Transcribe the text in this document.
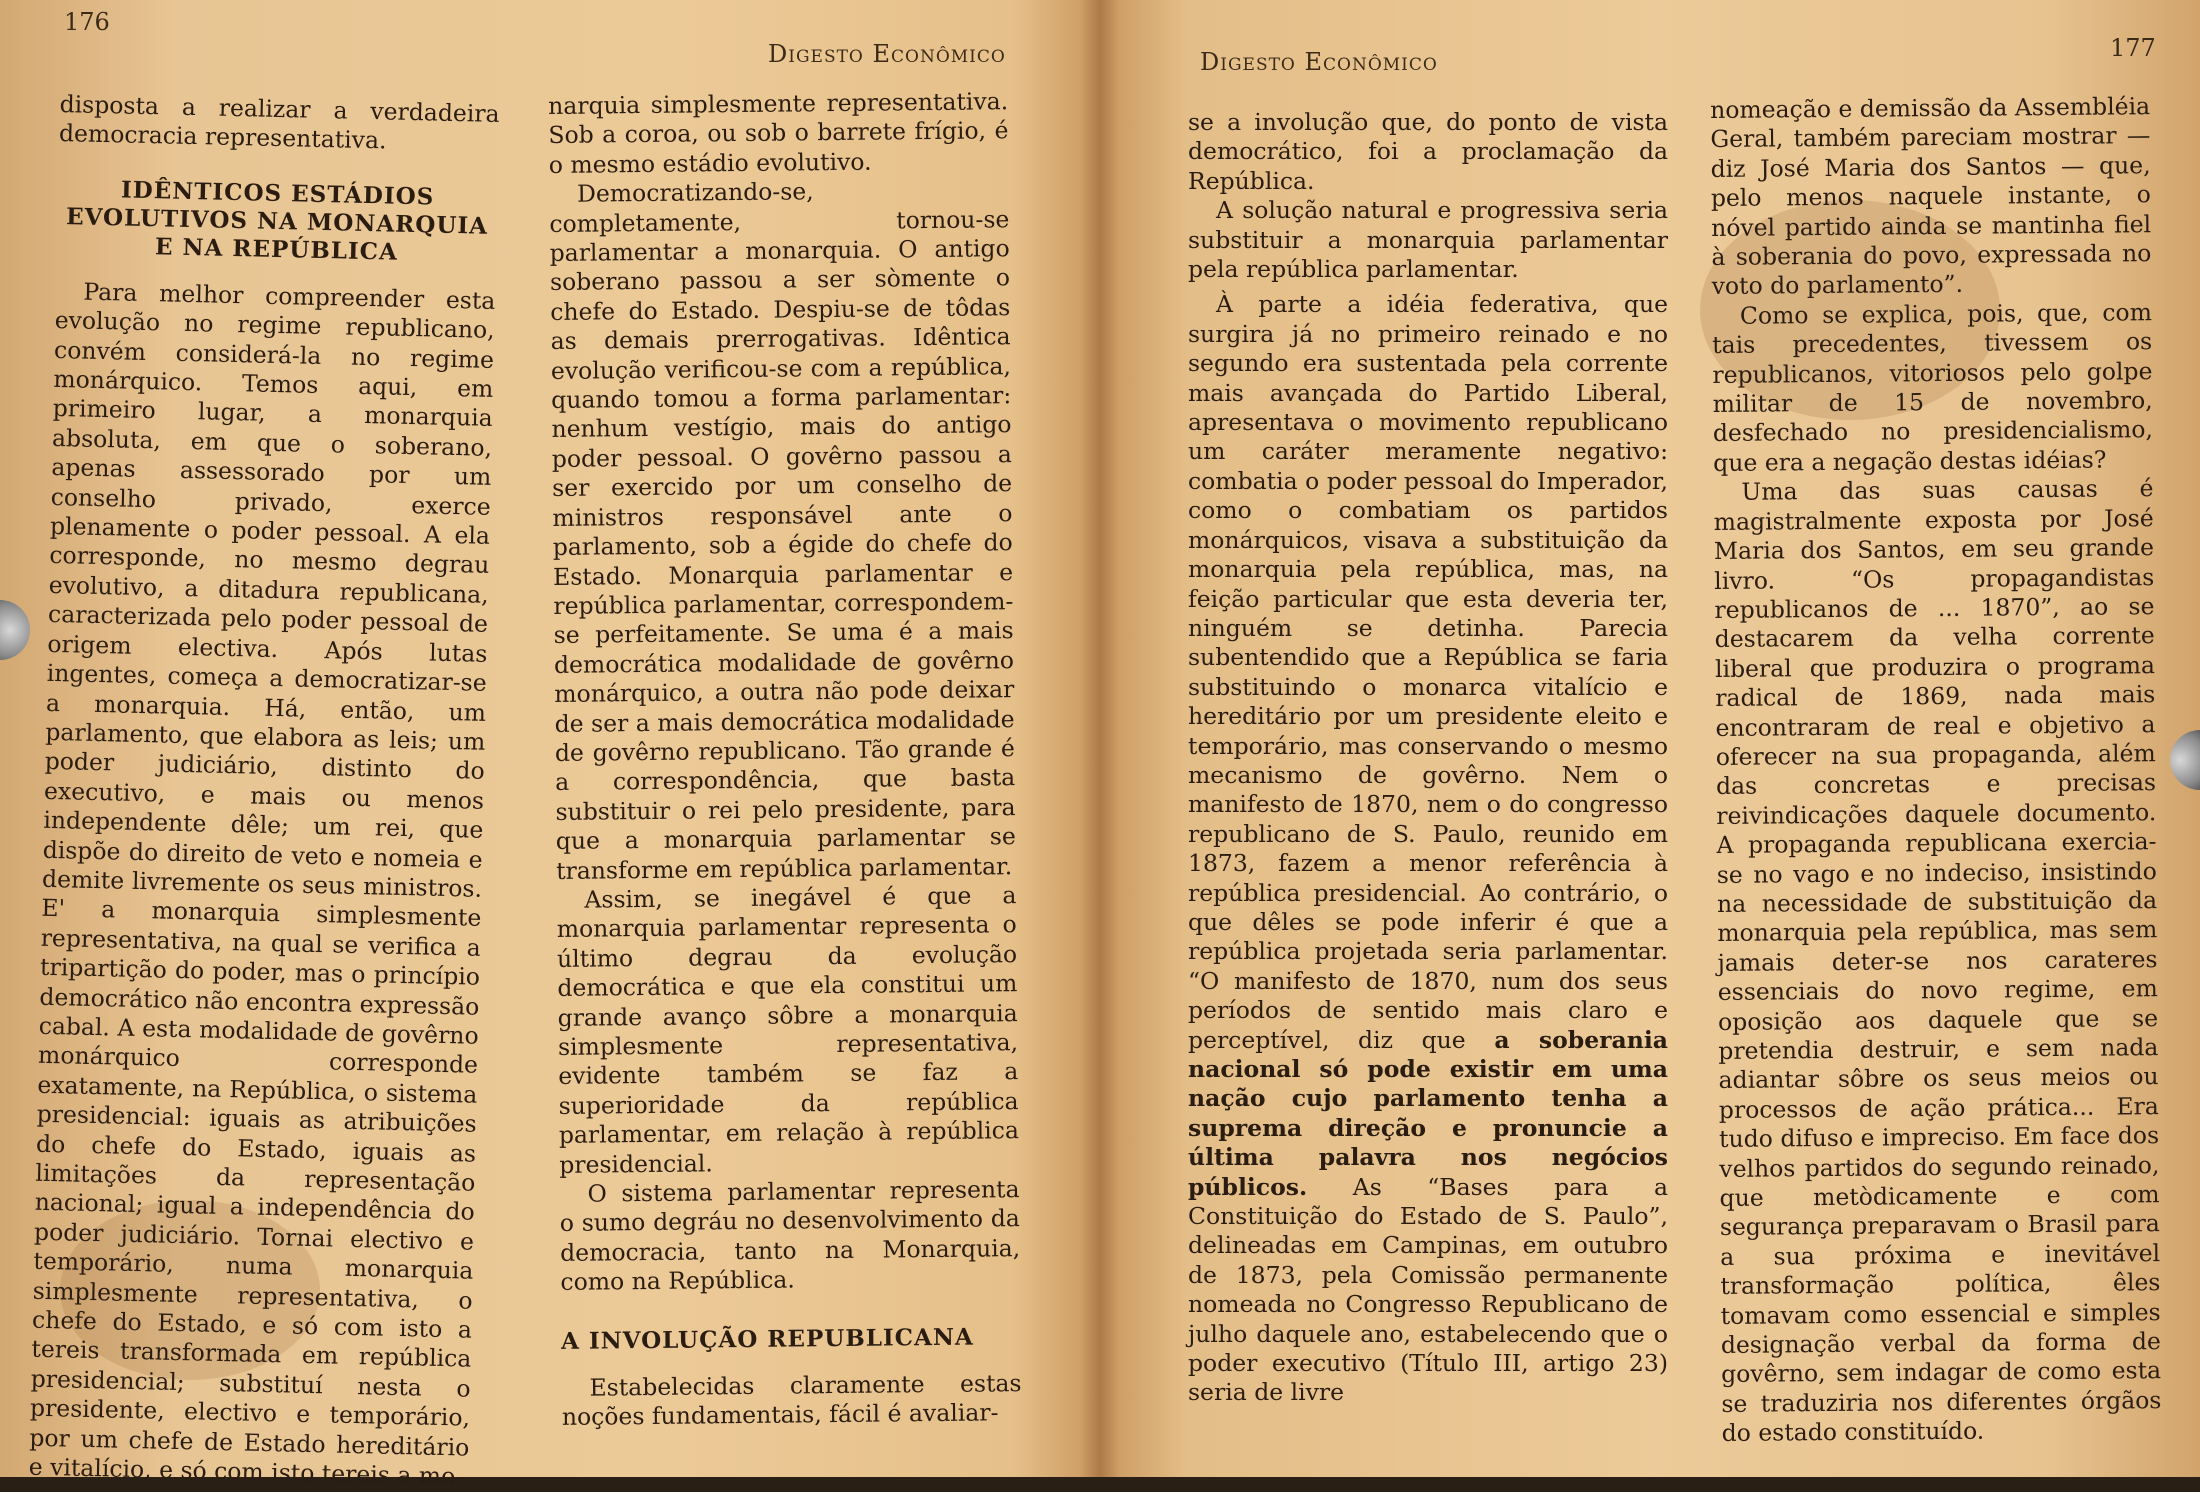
176
Digesto Econômico

disposta a realizar a verdadeira democracia representativa.

IDÊNTICOS ESTÁDIOS EVOLUTIVOS NA MONARQUIA E NA REPÚBLICA

Para melhor compreender esta evolução no regime republicano, convém considerá-la no regime monárquico. Temos aqui, em primeiro lugar, a monarquia absoluta, em que o soberano, apenas assessorado por um conselho privado, exerce plenamente o poder pessoal. A ela corresponde, no mesmo degrau evolutivo, a ditadura republicana, caracterizada pelo poder pessoal de origem electiva. Após lutas ingentes, começa a democratizar-se a monarquia. Há, então, um parlamento, que elabora as leis; um poder judiciário, distinto do executivo, e mais ou menos independente dêle; um rei, que dispõe do direito de veto e nomeia e demite livremente os seus ministros. E' a monarquia simplesmente representativa, na qual se verifica a tripartição do poder, mas o princípio democrático não encontra expressão cabal. A esta modalidade de govêrno monárquico corresponde exatamente, na República, o sistema presidencial: iguais as atribuições do chefe do Estado, iguais as limitações da representação nacional; igual a independência do poder judiciário. Tornai electivo e temporário, numa monarquia simplesmente representativa, o chefe do Estado, e só com isto a tereis transformada em república presidencial; substituí nesta o presidente, electivo e temporário, por um chefe de Estado hereditário e vitalício, e só com isto tereis a mo-

narquia simplesmente representativa. Sob a coroa, ou sob o barrete frígio, é o mesmo estádio evolutivo.

Democratizando-se, completamente, tornou-se parlamentar a monarquia. O antigo soberano passou a ser sòmente o chefe do Estado. Despiu-se de tôdas as demais prerrogativas. Idêntica evolução verificou-se com a república, quando tomou a forma parlamentar: nenhum vestígio, mais do antigo poder pessoal. O govêrno passou a ser exercido por um conselho de ministros responsável ante o parlamento, sob a égide do chefe do Estado. Monarquia parlamentar e república parlamentar, correspondem-se perfeitamente. Se uma é a mais democrática modalidade de govêrno monárquico, a outra não pode deixar de ser a mais democrática modalidade de govêrno republicano. Tão grande é a correspondência, que basta substituir o rei pelo presidente, para que a monarquia parlamentar se transforme em república parlamentar.

Assim, se inegável é que a monarquia parlamentar representa o último degrau da evolução democrática e que ela constitui um grande avanço sôbre a monarquia simplesmente representativa, evidente também se faz a superioridade da república parlamentar, em relação à república presidencial.

O sistema parlamentar representa o sumo degráu no desenvolvimento da democracia, tanto na Monarquia, como na República.

A INVOLUÇÃO REPUBLICANA

Estabelecidas claramente estas noções fundamentais, fácil é avaliar-

Digesto Econômico	177

se a involução que, do ponto de vista democrático, foi a proclamação da República.

A solução natural e progressiva seria substituir a monarquia parlamentar pela república parlamentar.

À parte a idéia federativa, que surgira já no primeiro reinado e no segundo era sustentada pela corrente mais avançada do Partido Liberal, apresentava o movimento republicano um caráter meramente negativo: combatia o poder pessoal do Imperador, como o combatiam os partidos monárquicos, visava a substituição da monarquia pela república, mas, na feição particular que esta deveria ter, ninguém se detinha. Parecia subentendido que a República se faria substituindo o monarca vitalício e hereditário por um presidente eleito e temporário, mas conservando o mesmo mecanismo de govêrno. Nem o manifesto de 1870, nem o do congresso republicano de S. Paulo, reunido em 1873, fazem a menor referência à república presidencial. Ao contrário, o que dêles se pode inferir é que a república projetada seria parlamentar. “O manifesto de 1870, num dos seus períodos de sentido mais claro e perceptível, diz que a soberania nacional só pode existir em uma nação cujo parlamento tenha a suprema direção e pronuncie a última palavra nos negócios públicos. As “Bases para a Constituição do Estado de S. Paulo”, delineadas em Campinas, em outubro de 1873, pela Comissão permanente nomeada no Congresso Republicano de julho daquele ano, estabelecendo que o poder executivo (Título III, artigo 23) seria de livre

nomeação e demissão da Assembléia Geral, também pareciam mostrar — diz José Maria dos Santos — que, pelo menos naquele instante, o nóvel partido ainda se mantinha fiel à soberania do povo, expressada no voto do parlamento”.

Como se explica, pois, que, com tais precedentes, tivessem os republicanos, vitoriosos pelo golpe militar de 15 de novembro, desfechado no presidencialismo, que era a negação destas idéias?

Uma das suas causas é magistralmente exposta por José Maria dos Santos, em seu grande livro. “Os propagandistas republicanos de ... 1870”, ao se destacarem da velha corrente liberal que produzira o programa radical de 1869, nada mais encontraram de real e objetivo a oferecer na sua propaganda, além das concretas e precisas reivindicações daquele documento. A propaganda republicana exercia-se no vago e no indeciso, insistindo na necessidade de substituição da monarquia pela república, mas sem jamais deter-se nos carateres essenciais do novo regime, em oposição aos daquele que se pretendia destruir, e sem nada adiantar sôbre os seus meios ou processos de ação práticа... Era tudo difuso e impreciso. Em face dos velhos partidos do segundo reinado, que metòdicamente e com segurança preparavam o Brasil para a sua próxima e inevitável transformação política, êles tomavam como essencial e simples designação verbal da forma de govêrno, sem indagar de como esta se traduziria nos diferentes órgãos do estado constituído.
